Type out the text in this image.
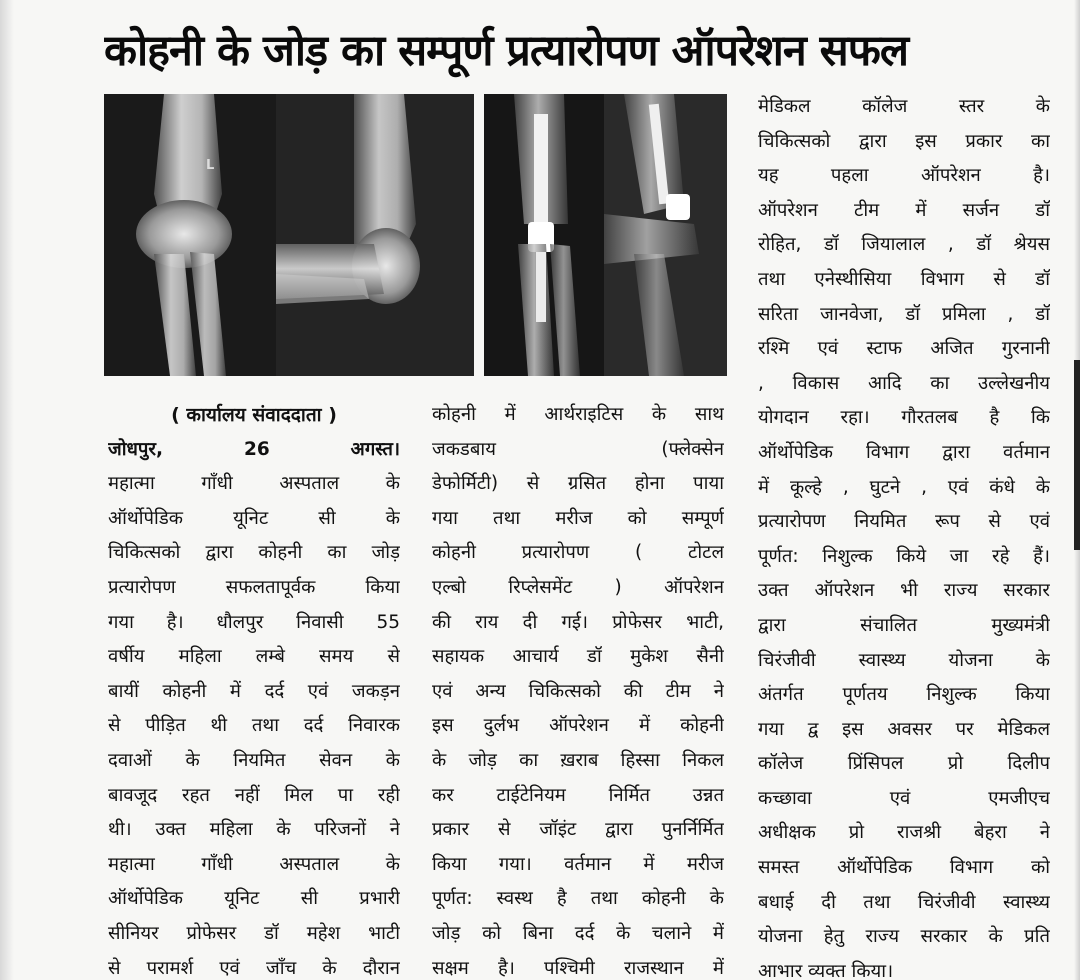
कोहनी के जोड़ का सम्पूर्ण प्रत्यारोपण ऑपरेशन सफल
L

( कार्यालय संवाददाता )

जोधपुर, 26 अगस्त।

महात्मा गाँधी अस्पताल के

ऑर्थोपेडिक यूनिट सी के

चिकित्सको द्वारा कोहनी का जोड़

प्रत्यारोपण सफलतापूर्वक किया

गया है। धौलपुर निवासी 55

वर्षीय महिला लम्बे समय से

बायीं कोहनी में दर्द एवं जकड़न

से पीड़ित थी तथा दर्द निवारक

दवाओं के नियमित सेवन के

बावजूद रहत नहीं मिल पा रही

थी। उक्त महिला के परिजनों ने

महात्मा गाँधी अस्पताल के

ऑर्थोपेडिक यूनिट सी प्रभारी

सीनियर प्रोफेसर डॉ महेश भाटी

से परामर्श एवं जाँच के दौरान

कोहनी में आर्थराइटिस के साथ

जकडबाय (फ्लेक्सेन

डेफोर्मिटी) से ग्रसित होना पाया

गया तथा मरीज को सम्पूर्ण

कोहनी प्रत्यारोपण ( टोटल

एल्बो रिप्लेसमेंट ) ऑपरेशन

की राय दी गई। प्रोफेसर भाटी,

सहायक आचार्य डॉ मुकेश सैनी

एवं अन्य चिकित्सको की टीम ने

इस दुर्लभ ऑपरेशन में कोहनी

के जोड़ का ख़राब हिस्सा निकल

कर टाईटेनियम निर्मित उन्नत

प्रकार से जॉइंट द्वारा पुनर्निर्मित

किया गया। वर्तमान में मरीज

पूर्णत: स्वस्थ है तथा कोहनी के

जोड़ को बिना दर्द के चलाने में

सक्षम है। पश्चिमी राजस्थान में

मेडिकल कॉलेज स्तर के

चिकित्सको द्वारा इस प्रकार का

यह पहला ऑपरेशन है।

ऑपरेशन टीम में सर्जन डॉ

रोहित, डॉ जियालाल , डॉ श्रेयस

तथा एनेस्थीसिया विभाग से डॉ

सरिता जानवेजा, डॉ प्रमिला , डॉ

रश्मि एवं स्टाफ अजित गुरनानी

, विकास आदि का उल्लेखनीय

योगदान रहा। गौरतलब है कि

ऑर्थोपेडिक विभाग द्वारा वर्तमान

में कूल्हे , घुटने , एवं कंधे के

प्रत्यारोपण नियमित रूप से एवं

पूर्णत: निशुल्क किये जा रहे हैं।

उक्त ऑपरेशन भी राज्य सरकार

द्वारा संचालित मुख्यमंत्री

चिरंजीवी स्वास्थ्य योजना के

अंतर्गत पूर्णतय निशुल्क किया

गया द्व इस अवसर पर मेडिकल

कॉलेज प्रिंसिपल प्रो दिलीप

कच्छावा एवं एमजीएच

अधीक्षक प्रो राजश्री बेहरा ने

समस्त ऑर्थोपेडिक विभाग को

बधाई दी तथा चिरंजीवी स्वास्थ्य

योजना हेतु राज्य सरकार के प्रति

आभार व्यक्त किया।
